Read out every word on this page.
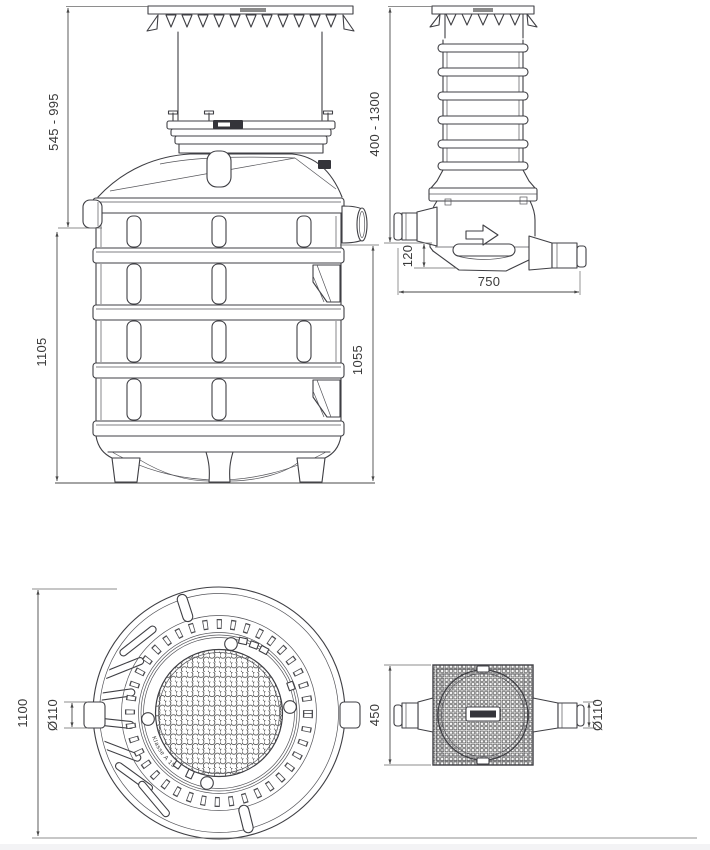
545 - 995
1105	1055
400 - 1300
120
750
Klasse A 15
1100 Ø110	450	Ø110
